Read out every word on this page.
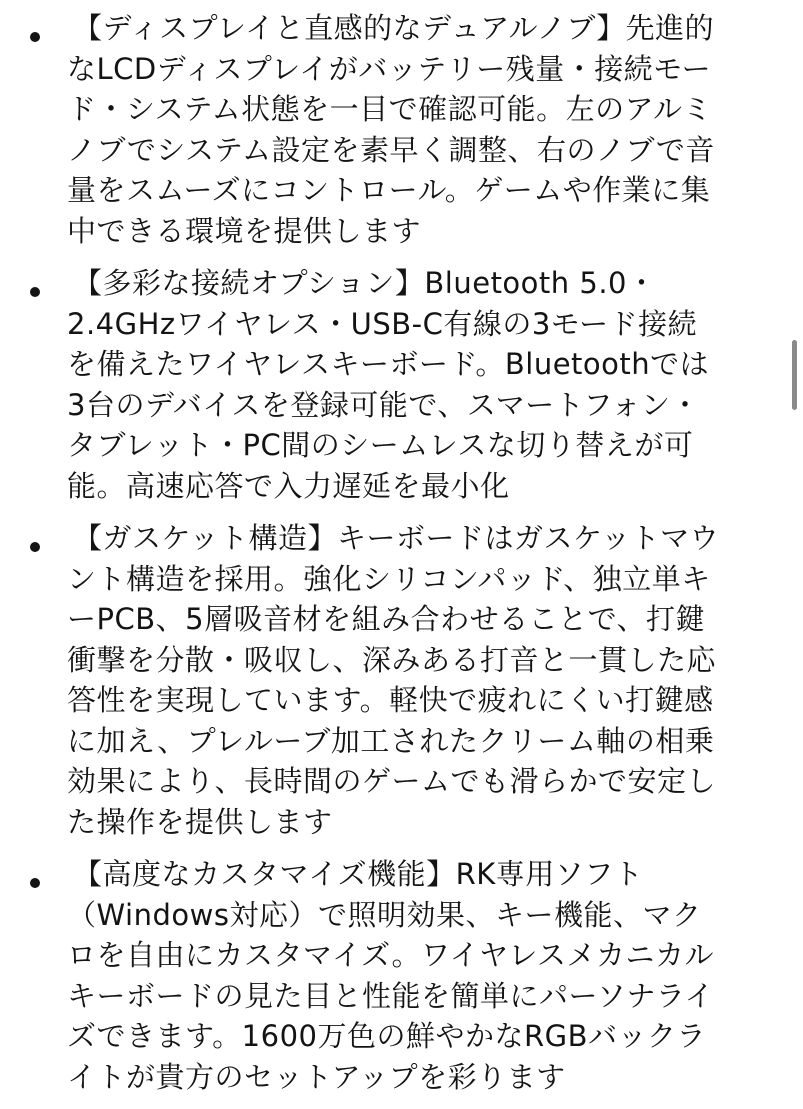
【ディスプレイと直感的なデュアルノブ】先進的
なLCDディスプレイがバッテリー残量・接続モー
ド・システム状態を一目で確認可能。左のアルミ
ノブでシステム設定を素早く調整、右のノブで音
量をスムーズにコントロール。ゲームや作業に集
中できる環境を提供します
【多彩な接続オプション】Bluetooth 5.0・
2.4GHzワイヤレス・USB-C有線の3モード接続
を備えたワイヤレスキーボード。Bluetoothでは
3台のデバイスを登録可能で、スマートフォン・
タブレット・PC間のシームレスな切り替えが可
能。高速応答で入力遅延を最小化
【ガスケット構造】キーボードはガスケットマウ
ント構造を採用。強化シリコンパッド、独立単キ
ーPCB、5層吸音材を組み合わせることで、打鍵
衝撃を分散・吸収し、深みある打音と一貫した応
答性を実現しています。軽快で疲れにくい打鍵感
に加え、プレルーブ加工されたクリーム軸の相乗
効果により、長時間のゲームでも滑らかで安定し
た操作を提供します
【高度なカスタマイズ機能】RK専用ソフト
（Windows対応）で照明効果、キー機能、マク
ロを自由にカスタマイズ。ワイヤレスメカニカル
キーボードの見た目と性能を簡単にパーソナライ
ズできます。1600万色の鮮やかなRGBバックラ
イトが貴方のセットアップを彩ります
